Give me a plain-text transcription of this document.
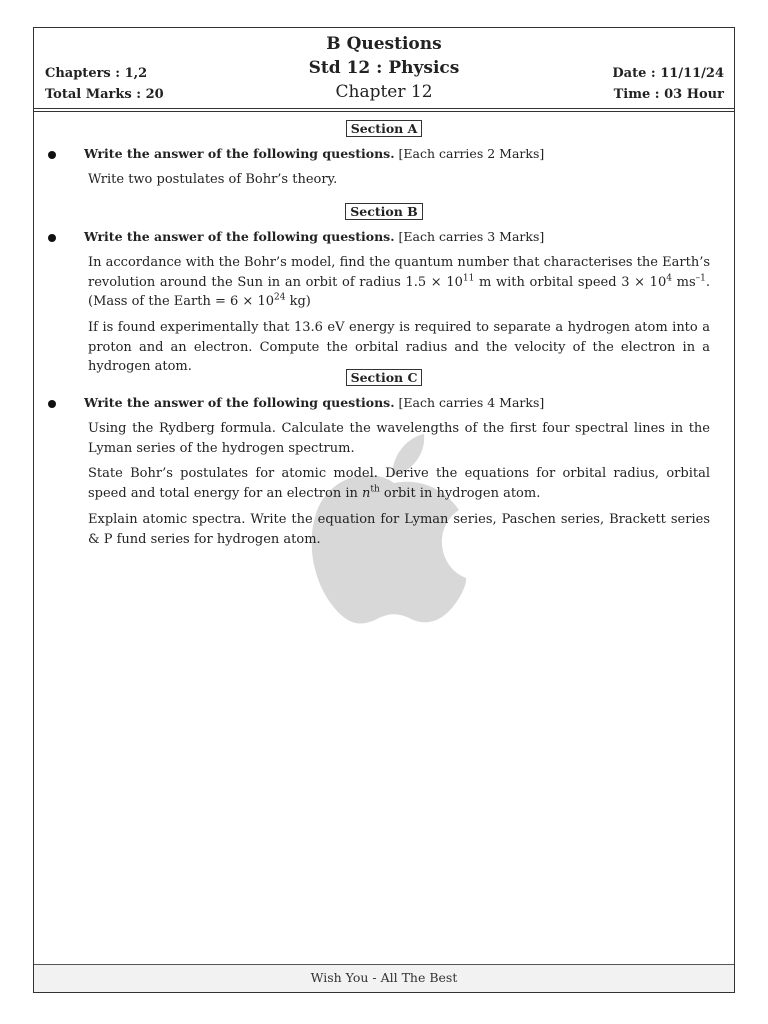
B Questions
Std 12 : Physics
Chapter 12
Chapters : 1,2
Total Marks : 20
Date : 11/11/24
Time : 03 Hour
Section A
Write the answer of the following questions. [Each carries 2 Marks]
Write two postulates of Bohr’s theory.
Section B
Write the answer of the following questions. [Each carries 3 Marks]
In accordance with the Bohr’s model, find the quantum number that characterises the Earth’s revolution around the Sun in an orbit of radius $1.5 \times 10^{11}$ m with orbital speed $3 \times 10^4$ $ms^{-1}$. (Mass of the Earth = $6 \times 10^{24}$ kg)
If is found experimentally that 13.6 eV energy is required to separate a hydrogen atom into a proton and an electron. Compute the orbital radius and the velocity of the electron in a hydrogen atom.
Section C
Write the answer of the following questions. [Each carries 4 Marks]
Using the Rydberg formula. Calculate the wavelengths of the first four spectral lines in the Lyman series of the hydrogen spectrum.
State Bohr’s postulates for atomic model. Derive the equations for orbital radius, orbital speed and total energy for an electron in $n^{th}$ orbit in hydrogen atom.
Explain atomic spectra. Write the equation for Lyman series, Paschen series, Brackett series & P fund series for hydrogen atom.
Wish You - All The Best
